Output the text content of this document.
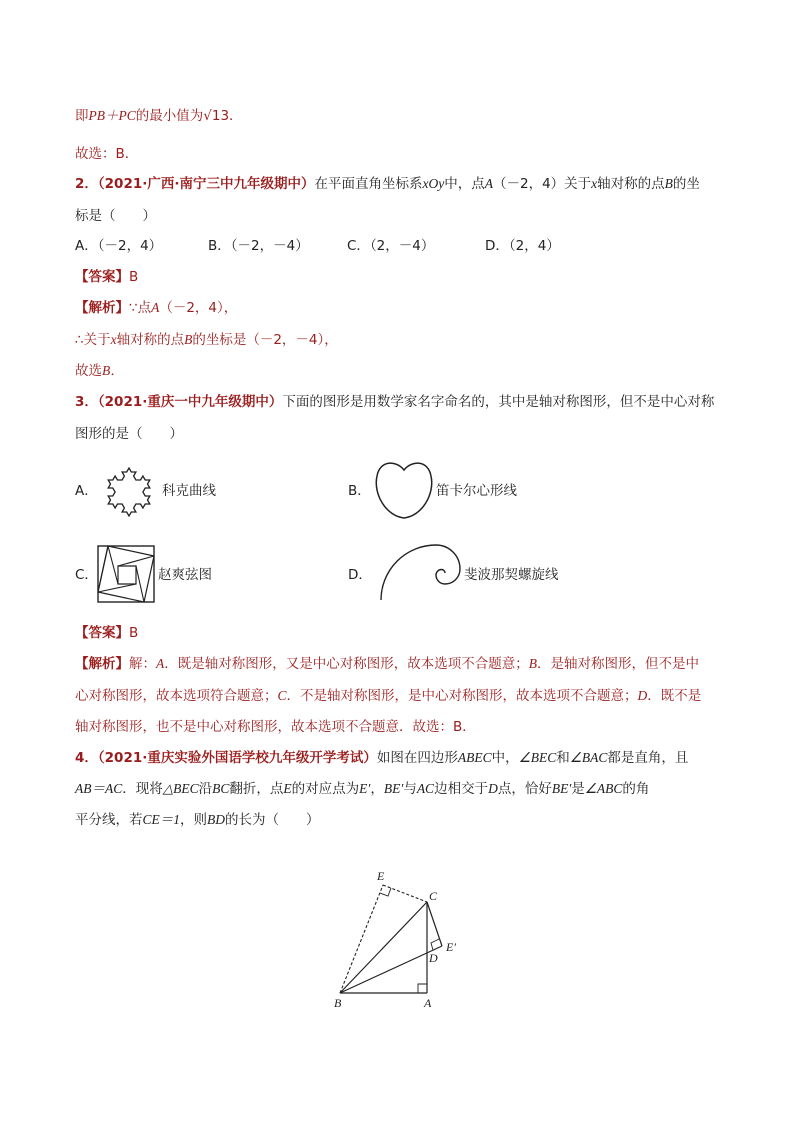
即PB＋PC的最小值为√13．
故选：B．
2．（2021·广西·南宁三中九年级期中）在平面直角坐标系xOy中，点A（－2，4）关于x轴对称的点B的坐
标是（　　）
A．（－2，4）	B．（－2，－4）	C．（2，－4）	D．（2，4）
【答案】B
【解析】∵点A（－2，4），
∴关于x轴对称的点B的坐标是（－2，－4），
故选B．
3．（2021·重庆一中九年级期中）下面的图形是用数学家名字命名的，其中是轴对称图形，但不是中心对称
图形的是（　　）
A．	科克曲线	B．	笛卡尔心形线
C．	赵爽弦图	D．	斐波那契螺旋线
【答案】B
【解析】解：A．既是轴对称图形，又是中心对称图形，故本选项不合题意；B．是轴对称图形，但不是中
心对称图形，故本选项符合题意；C．不是轴对称图形，是中心对称图形，故本选项不合题意；D．既不是
轴对称图形，也不是中心对称图形，故本选项不合题意．故选：B．
4．（2021·重庆实验外国语学校九年级开学考试）如图在四边形ABEC中，∠BEC和∠BAC都是直角，且
AB＝AC．现将△BEC沿BC翻折，点E的对应点为E′，BE′与AC边相交于D点，恰好BE′是∠ABC的角
平分线，若CE＝1，则BD的长为（　　）
E
C
E′
D
B	A
